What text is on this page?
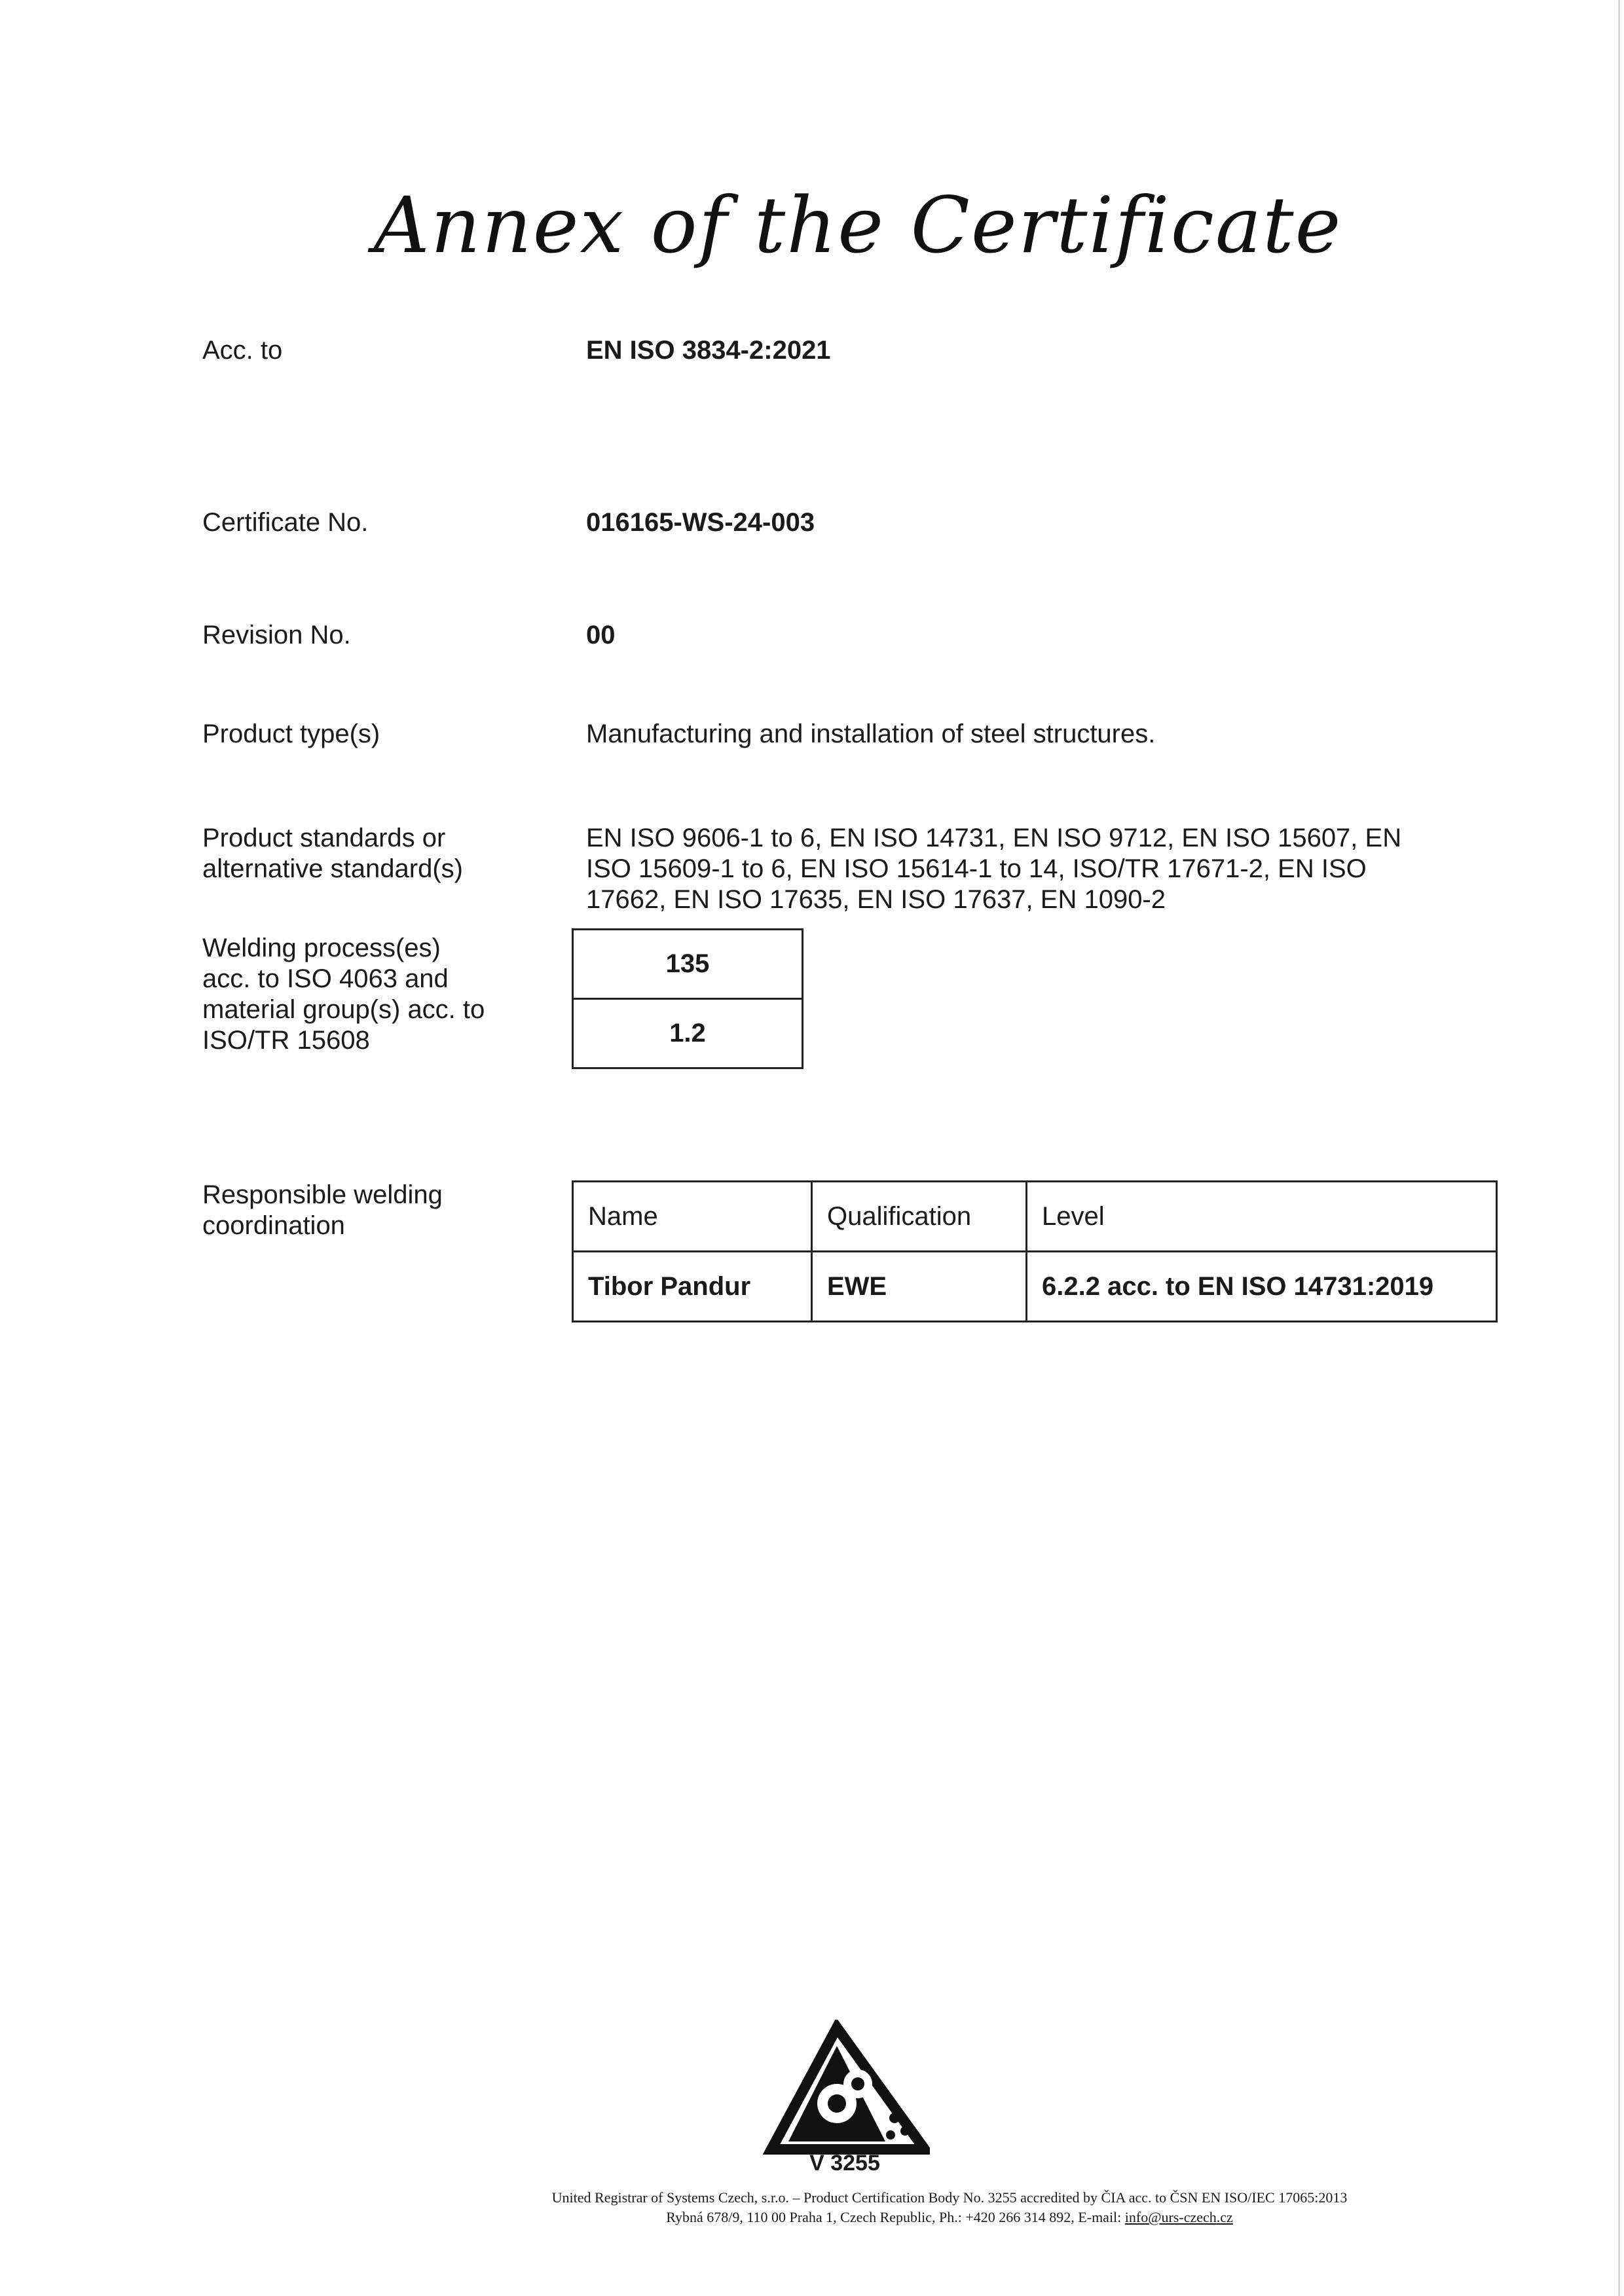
Annex of the Certificate
Acc. to	EN ISO 3834-2:2021
Certificate No.	016165-WS-24-003
Revision No.	00
Product type(s)	Manufacturing and installation of steel structures.
Product standards or
alternative standard(s)
EN ISO 9606-1 to 6, EN ISO 14731, EN ISO 9712, EN ISO 15607, EN
ISO 15609-1 to 6, EN ISO 15614-1 to 14, ISO/TR 17671-2, EN ISO
17662, EN ISO 17635, EN ISO 17637, EN 1090-2
Welding process(es)
acc. to ISO 4063 and
material group(s) acc. to
ISO/TR 15608
135
1.2
Responsible welding
coordination	Name	Qualification	Level
Tibor Pandur	EWE	6.2.2 acc. to EN ISO 14731:2019
V 3255
United Registrar of Systems Czech, s.r.o. – Product Certification Body No. 3255 accredited by ČIA acc. to ČSN EN ISO/IEC 17065:2013
Rybná 678/9, 110 00 Praha 1, Czech Republic, Ph.: +420 266 314 892, E-mail: info@urs-czech.cz
